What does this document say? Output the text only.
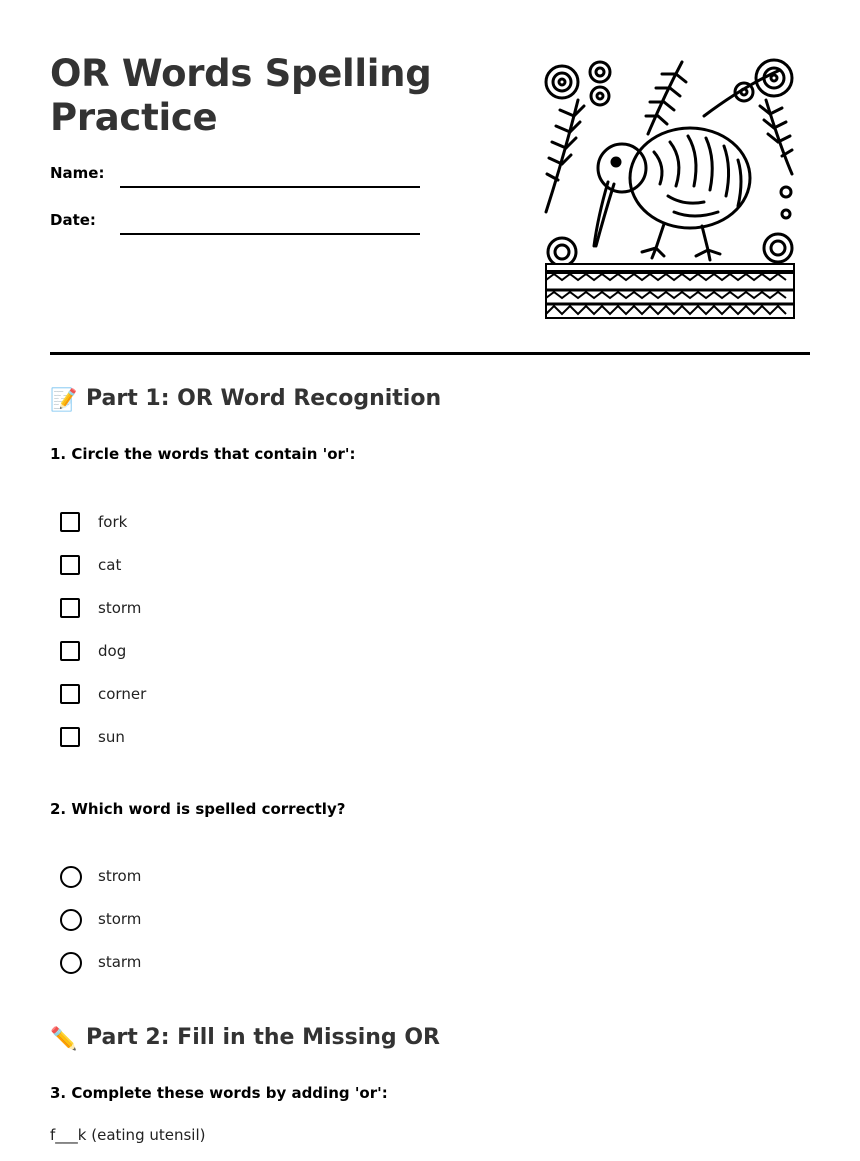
OR Words Spelling Practice
Name:
Date:
📝 Part 1: OR Word Recognition

1. Circle the words that contain 'or':

fork
cat
storm
dog
corner
sun

2. Which word is spelled correctly?

strom
storm
starm
✏️ Part 2: Fill in the Missing OR

3. Complete these words by adding 'or':

f___k (eating utensil)
